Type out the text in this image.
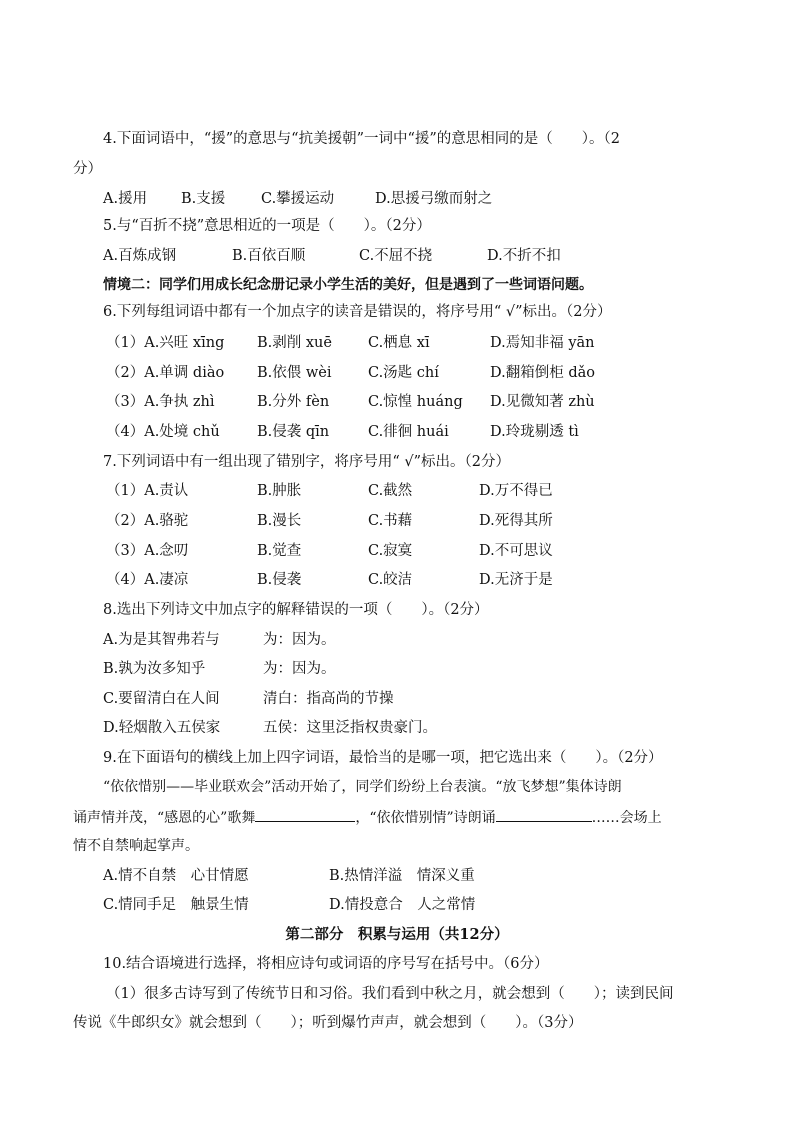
4.下面词语中，“援”的意思与“抗美援朝”一词中“援”的意思相同的是（　　）。（2
分）
A.援用 B.支援 C.攀援运动	D.思援弓缴而射之
5.与“百折不挠”意思相近的一项是（　　）。（2分）
A.百炼成钢	B.百依百顺	C.不屈不挠	D.不折不扣
情境二：同学们用成长纪念册记录小学生活的美好，但是遇到了一些词语问题。
6.下列每组词语中都有一个加点字的读音是错误的，将序号用“ √”标出。（2分）
（1）A.兴旺 xīng B.剥削 xuē C.栖息 xī	D.焉知非福 yān
（2）A.单调 diào B.依偎 wèi	C.汤匙 chí	D.翻箱倒柜 dǎo
（3）A.争执 zhì	B.分外 fèn	C.惊惶 huáng D.见微知著 zhù
（4）A.处境 chǔ	B.侵袭 qīn	C.徘徊 huái	D.玲珑剔透 tì
7.下列词语中有一组出现了错别字，将序号用“ √”标出。（2分）
（1）A.责认	B.肿胀	C.截然	D.万不得已
（2）A.骆驼	B.漫长	C.书藉	D.死得其所
（3）A.念叨	B.觉查	C.寂寞	D.不可思议
（4）A.凄凉	B.侵袭	C.皎洁	D.无济于是
8.选出下列诗文中加点字的解释错误的一项（　　）。（2分）
A.为是其智弗若与	为：因为。
B.孰为汝多知乎	为：因为。
C.要留清白在人间	清白：指高尚的节操
D.轻烟散入五侯家	五侯：这里泛指权贵豪门。
9.在下面语句的横线上加上四字词语，最恰当的是哪一项，把它选出来（　　）。（2分）
“依依惜别——毕业联欢会”活动开始了，同学们纷纷上台表演。“放飞梦想”集体诗朗
诵声情并茂，“感恩的心”歌舞	，“依依惜别情”诗朗诵	……会场上
情不自禁响起掌声。
A.情不自禁　心甘情愿	B.热情洋溢　情深义重
C.情同手足　触景生情	D.情投意合　人之常情
第二部分　积累与运用（共12分）
10.结合语境进行选择，将相应诗句或词语的序号写在括号中。（6分）
（1）很多古诗写到了传统节日和习俗。我们看到中秋之月，就会想到（　　）；读到民间
传说《牛郎织女》就会想到（　　）；听到爆竹声声，就会想到（　　）。（3分）
